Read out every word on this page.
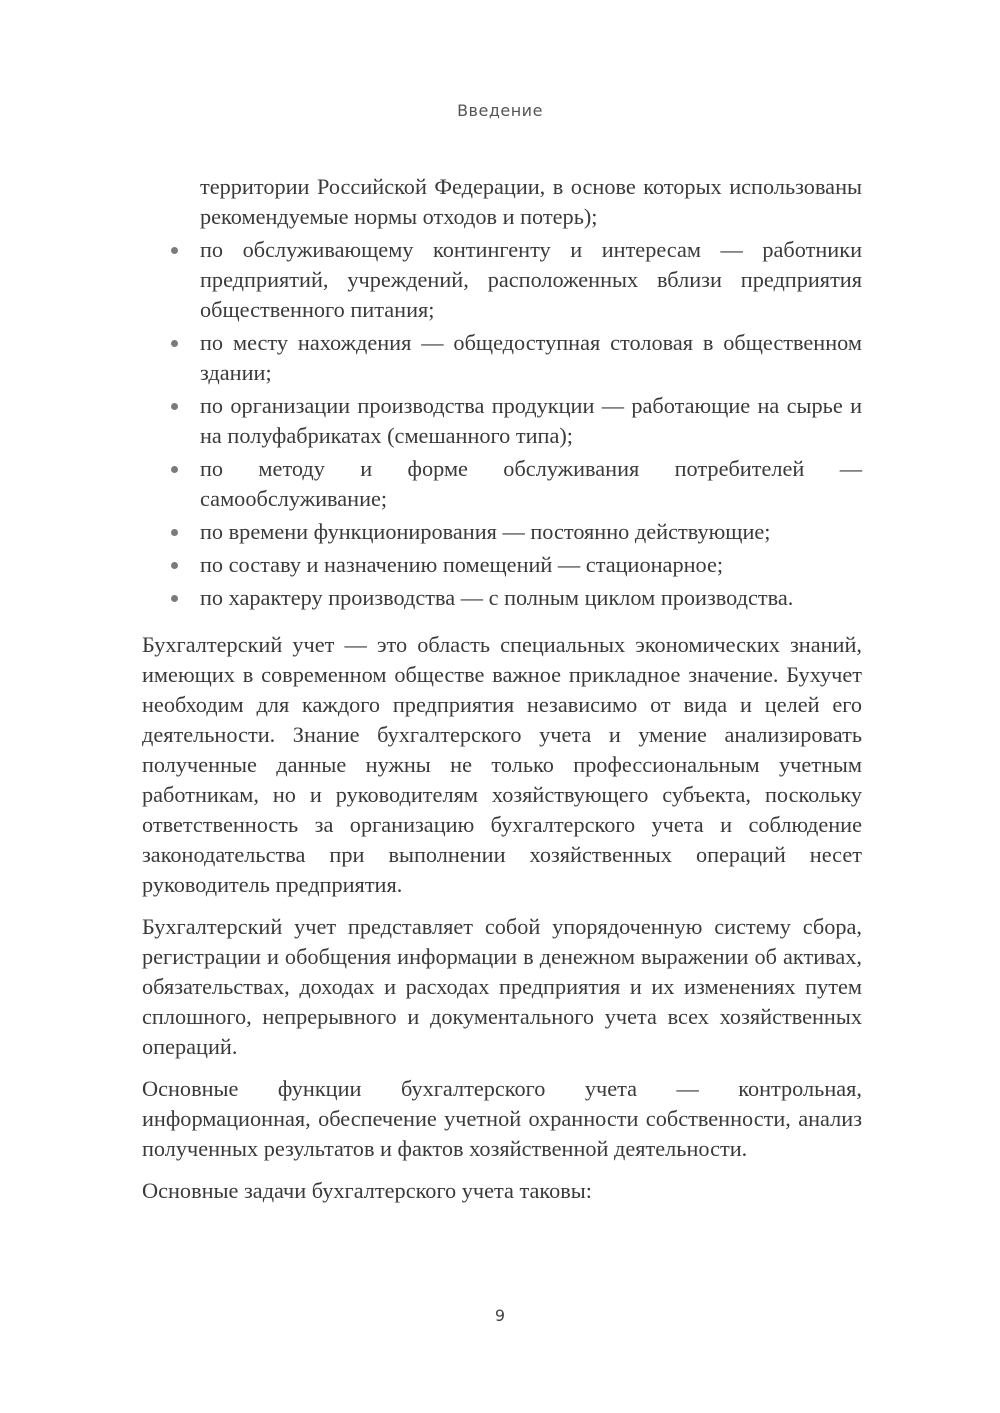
Введение
территории Российской Федерации, в основе которых использованы рекомендуемые нормы отходов и потерь);
по обслуживающему контингенту и интересам — работники предприятий, учреждений, расположенных вблизи предприятия общественного питания;
по месту нахождения — общедоступная столовая в общественном здании;
по организации производства продукции — работающие на сырье и на полуфабрикатах (смешанного типа);
по методу и форме обслуживания потребителей — самообслуживание;
по времени функционирования — постоянно действующие;
по составу и назначению помещений — стационарное;
по характеру производства — с полным циклом производства.

Бухгалтерский учет — это область специальных экономических знаний, имеющих в современном обществе важное прикладное значение. Бухучет необходим для каждого предприятия независимо от вида и целей его деятельности. Знание бухгалтерского учета и умение анализировать полученные данные нужны не только профессиональным учетным работникам, но и руководителям хозяйствующего субъекта, поскольку ответственность за организацию бухгалтерского учета и соблюдение законодательства при выполнении хозяйственных операций несет руководитель предприятия.

Бухгалтерский учет представляет собой упорядоченную систему сбора, регистрации и обобщения информации в денежном выражении об активах, обязательствах, доходах и расходах предприятия и их изменениях путем сплошного, непрерывного и документального учета всех хозяйственных операций.

Основные функции бухгалтерского учета — контрольная, информационная, обеспечение учетной охранности собственности, анализ полученных результатов и фактов хозяйственной деятельности.

Основные задачи бухгалтерского учета таковы:

9
